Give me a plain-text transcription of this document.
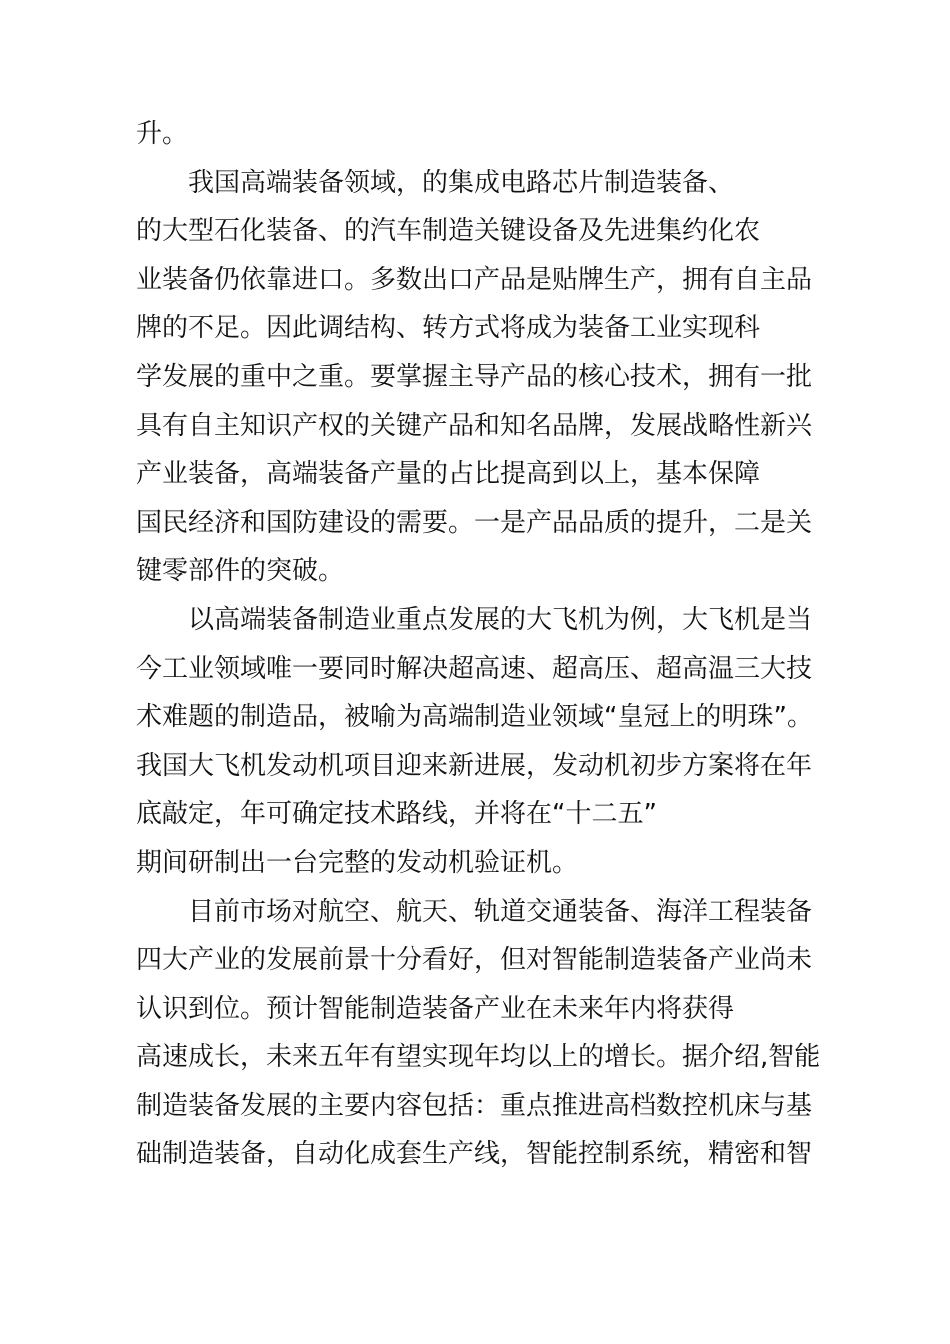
升。
我国高端装备领域，的集成电路芯片制造装备、
的大型石化装备、的汽车制造关键设备及先进集约化农
业装备仍依靠进口。多数出口产品是贴牌生产，拥有自主品
牌的不足。因此调结构、转方式将成为装备工业实现科
学发展的重中之重。要掌握主导产品的核心技术，拥有一批
具有自主知识产权的关键产品和知名品牌，发展战略性新兴
产业装备，高端装备产量的占比提高到以上，基本保障
国民经济和国防建设的需要。一是产品品质的提升，二是关
键零部件的突破。
以高端装备制造业重点发展的大飞机为例，大飞机是当
今工业领域唯一要同时解决超高速、超高压、超高温三大技
术难题的制造品，被喻为高端制造业领域“皇冠上的明珠”。
我国大飞机发动机项目迎来新进展，发动机初步方案将在年
底敲定，年可确定技术路线，并将在“十二五”
期间研制出一台完整的发动机验证机。
目前市场对航空、航天、轨道交通装备、海洋工程装备
四大产业的发展前景十分看好，但对智能制造装备产业尚未
认识到位。预计智能制造装备产业在未来年内将获得
高速成长，未来五年有望实现年均以上的增长。据介绍,智能
制造装备发展的主要内容包括：重点推进高档数控机床与基
础制造装备，自动化成套生产线，智能控制系统，精密和智
